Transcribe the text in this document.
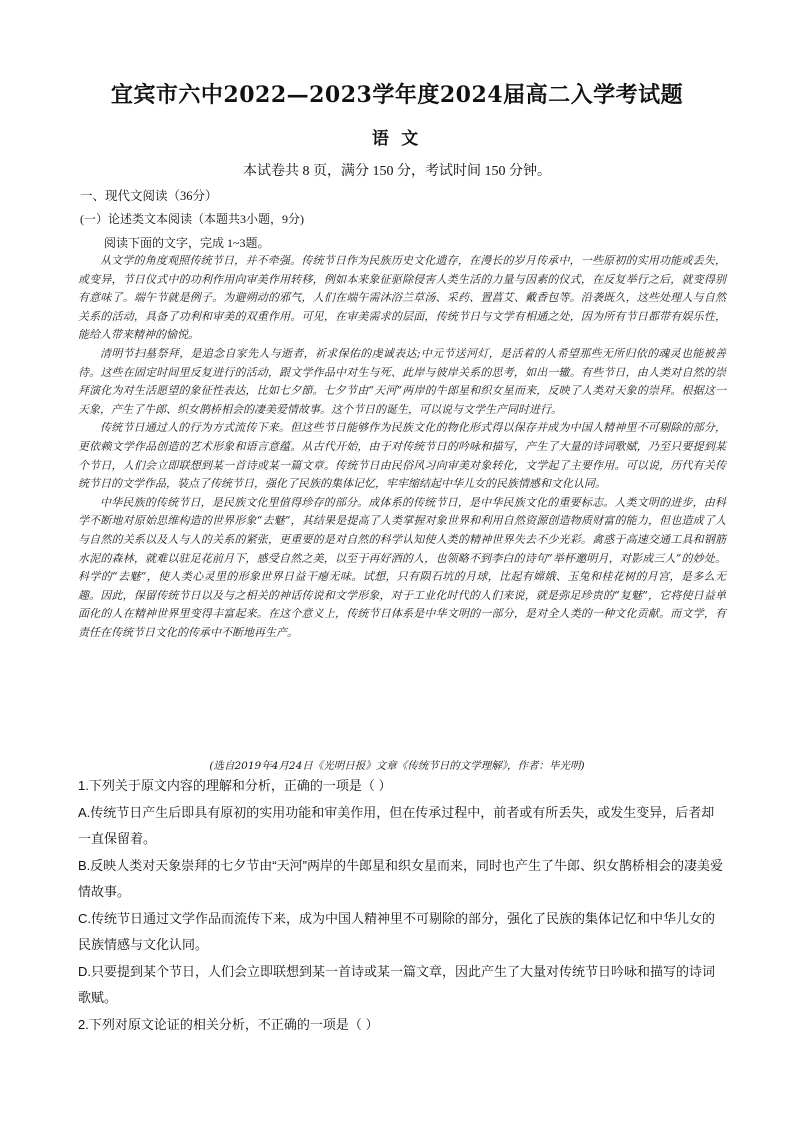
宜宾市六中2022—2023学年度2024届高二入学考试题
语 文
本试卷共 8 页，满分 150 分，考试时间 150 分钟。
一、现代文阅读（36分）
(一）论述类文本阅读（本题共3小题，9分)
阅读下面的文字，完成 1~3题。

从文学的角度观照传统节日，并不牵强。传统节日作为民族历史文化遗存，在漫长的岁月传承中，一些原初的实用功能或丢失，或变异，节日仪式中的功利作用向审美作用转移，例如本来象征驱除侵害人类生活的力量与因素的仪式，在反复举行之后，就变得别有意味了。端午节就是例子。为避朔动的邪气，人们在端午需沐浴兰草汤、采药、置菖艾、戴香包等。沿袭既久，这些处理人与自然关系的活动，具备了功利和审美的双重作用。可见，在审美需求的层面，传统节日与文学有相通之处，因为所有节日都带有娱乐性，能给人带来精神的愉悦。

清明节扫墓祭拜，是追念自家先人与逝者，祈求保佑的虔诚表达;中元节送河灯，是活着的人希望那些无所归依的魂灵也能被善待。这些在固定时间里反复进行的活动，跟文学作品中对生与死、此岸与彼岸关系的思考，如出一辙。有些节日，由人类对自然的崇拜演化为对生活愿望的象征性表达，比如七夕節。七夕节由“天河”两岸的牛郎星和织女星而来，反映了人类对天象的崇拜。根据这一天象，产生了牛郎、织女鹊桥相会的凄美爱情故事。这个节日的诞生，可以说与文学生产同时进行。

传统节日通过人的行为方式流传下来。但这些节日能够作为民族文化的物化形式得以保存并成为中国人精神里不可剔除的部分，更依赖文学作品创造的艺术形象和语言意蕴。从古代开始，由于对传统节日的吟咏和描写，产生了大量的诗词歌赋，乃至只要提到某个节日，人们会立即联想到某一首诗或某一篇文章。传统节日由民俗风习向审美对象转化，文学起了主要作用。可以说，历代有关传统节日的文学作品，装点了传统节日，强化了民族的集体记忆，牢牢缩结起中华儿女的民族情感和文化认同。

中华民族的传统节日，是民族文化里值得珍存的部分。成体系的传统节日，是中华民族文化的重要标志。人类文明的进步，由科学不断地对原始思维构造的世界形象“去魅”，其结果是提高了人类掌握对象世界和利用自然资源创造物质财富的能力，但也造成了人与自然的关系以及人与人的关系的紧张，更重要的是对自然的科学认知使人类的精神世界失去不少光彩。禽惑于高速交通工具和钢筋水泥的森林，就难以驻足花前月下，感受自然之美，以至于再好酒的人，也领略不到李白的诗句“举杯邀明月，对影成三人”的妙处。科学的“去魅”，使人类心灵里的形象世界日益干瘪无味。试想，只有陨石坑的月球，比起有嫦娥、玉兔和桂花树的月宫，是多么无趣。因此，保留传统节日以及与之相关的神话传说和文学形象，对于工业化时代的人们来说，就是弥足珍贵的“复魅”，它将使日益单面化的人在精神世界里变得丰富起来。在这个意义上，传统节日体系是中华文明的一部分，是对全人类的一种文化贡献。而文学，有责任在传统节日文化的传承中不断地再生产。

(选自2019年4月24日《光明日报》文章《传统节日的文学理解》，作者：毕光明)

1.下列关于原文内容的理解和分析，正确的一项是（ ）

A.传统节日产生后即具有原初的实用功能和审美作用，但在传承过程中，前者或有所丢失，或发生变异，后者却一直保留着。

B.反映人类对天象崇拜的七夕节由“天河”两岸的牛郎星和织女星而来，同时也产生了牛郎、织女鹊桥相会的凄美爱情故事。

C.传统节日通过文学作品而流传下来，成为中国人精神里不可剔除的部分，强化了民族的集体记忆和中华儿女的民族情感与文化认同。

D.只要提到某个节日，人们会立即联想到某一首诗或某一篇文章，因此产生了大量对传统节日吟咏和描写的诗词歌赋。

2.下列对原文论证的相关分析，不正确的一项是（ ）
